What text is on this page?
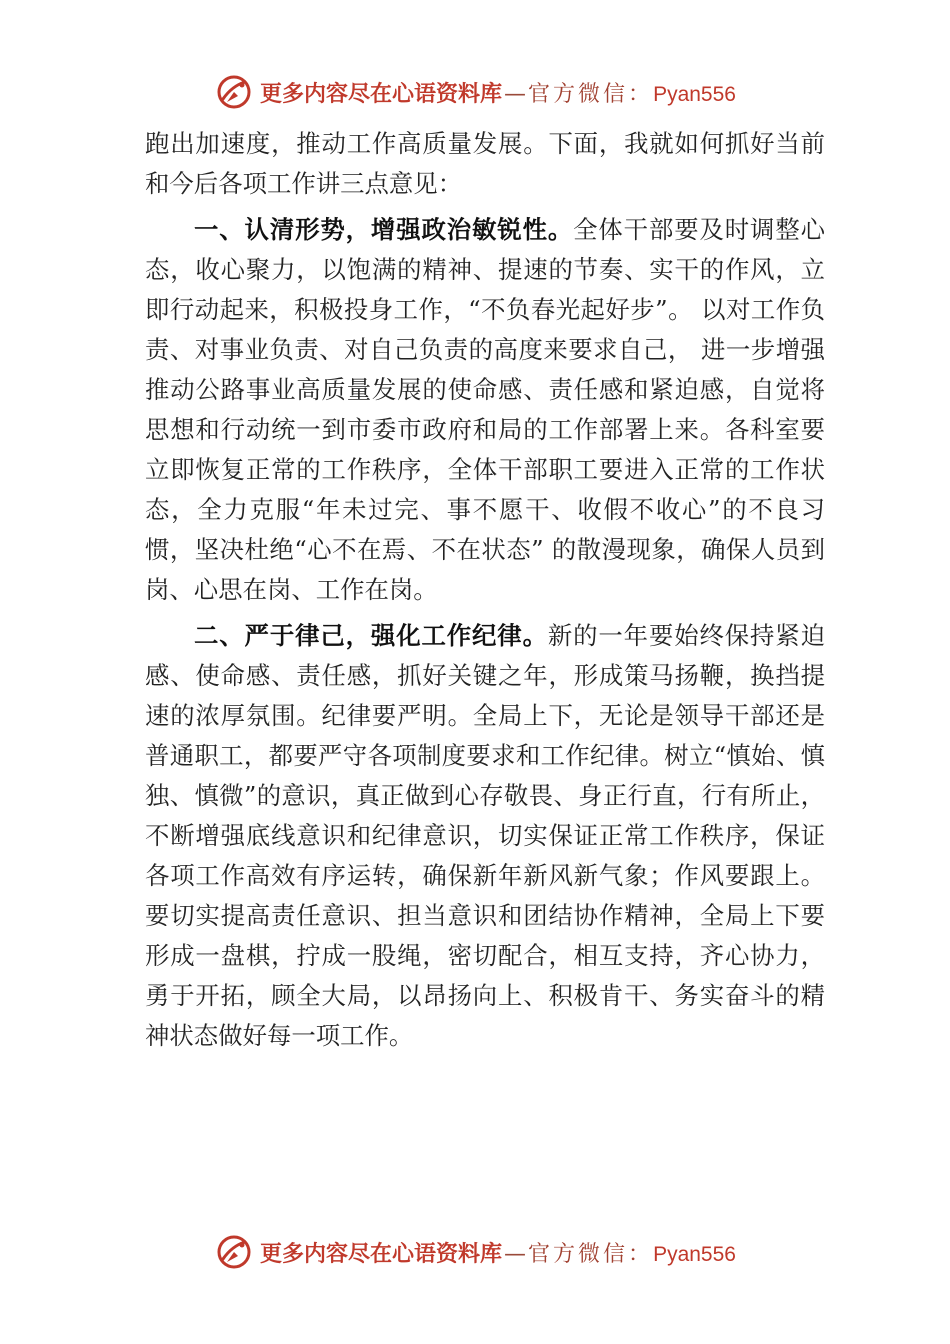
更多内容尽在心语资料库 — 官方微信： Pyan556

跑出加速度，推动工作高质量发展。下面，我就如何抓好当前和今后各项工作讲三点意见：

一、认清形势，增强政治敏锐性。全体干部要及时调整心态，收心聚力，以饱满的精神、提速的节奏、实干的作风，立即行动起来，积极投身工作，“不负春光起好步”。 以对工作负责、对事业负责、对自己负责的高度来要求自己， 进一步增强推动公路事业高质量发展的使命感、责任感和紧迫感，自觉将思想和行动统一到市委市政府和局的工作部署上来。各科室要立即恢复正常的工作秩序，全体干部职工要进入正常的工作状态，全力克服“年未过完、事不愿干、收假不收心”的不良习惯，坚决杜绝“心不在焉、不在状态” 的散漫现象，确保人员到岗、心思在岗、工作在岗。

二、严于律己，强化工作纪律。新的一年要始终保持紧迫感、使命感、责任感，抓好关键之年，形成策马扬鞭，换挡提速的浓厚氛围。纪律要严明。全局上下，无论是领导干部还是普通职工，都要严守各项制度要求和工作纪律。树立“慎始、慎独、慎微”的意识，真正做到心存敬畏、身正行直，行有所止，不断增强底线意识和纪律意识，切实保证正常工作秩序，保证各项工作高效有序运转，确保新年新风新气象；作风要跟上。要切实提高责任意识、担当意识和团结协作精神，全局上下要形成一盘棋，拧成一股绳，密切配合，相互支持，齐心协力，勇于开拓，顾全大局，以昂扬向上、积极肯干、务实奋斗的精神状态做好每一项工作。

更多内容尽在心语资料库 — 官方微信： Pyan556
